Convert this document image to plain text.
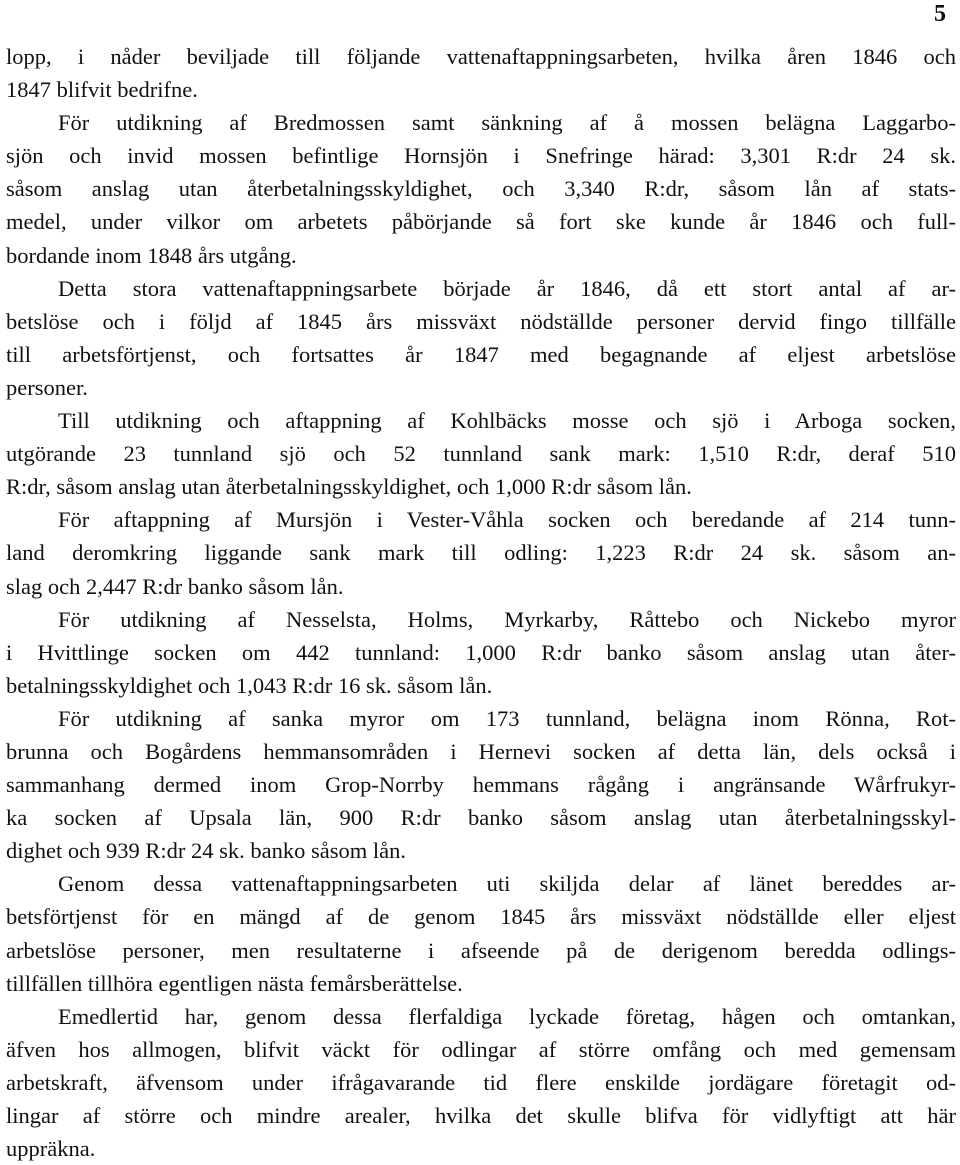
5
lopp, i nåder beviljade till följande vattenaftappningsarbeten, hvilka åren 1846 och
1847 blifvit bedrifne.
För utdikning af Bredmossen samt sänkning af å mossen belägna Laggarbo-
sjön och invid mossen befintlige Hornsjön i Snefringe härad: 3,301 R:dr 24 sk.
såsom anslag utan återbetalningsskyldighet, och 3,340 R:dr, såsom lån af stats-
medel, under vilkor om arbetets påbörjande så fort ske kunde år 1846 och full-
bordande inom 1848 års utgång.
Detta stora vattenaftappningsarbete började år 1846, då ett stort antal af ar-
betslöse och i följd af 1845 års missväxt nödställde personer dervid fingo tillfälle
till arbetsförtjenst, och fortsattes år 1847 med begagnande af eljest arbetslöse
personer.
Till utdikning och aftappning af Kohlbäcks mosse och sjö i Arboga socken,
utgörande 23 tunnland sjö och 52 tunnland sank mark: 1,510 R:dr, deraf 510
R:dr, såsom anslag utan återbetalningsskyldighet, och 1,000 R:dr såsom lån.
För aftappning af Mursjön i Vester-Våhla socken och beredande af 214 tunn-
land deromkring liggande sank mark till odling: 1,223 R:dr 24 sk. såsom an-
slag och 2,447 R:dr banko såsom lån.
För utdikning af Nesselsta, Holms, Myrkarby, Råttebo och Nickebo myror
i Hvittlinge socken om 442 tunnland: 1,000 R:dr banko såsom anslag utan åter-
betalningsskyldighet och 1,043 R:dr 16 sk. såsom lån.
För utdikning af sanka myror om 173 tunnland, belägna inom Rönna, Rot-
brunna och Bogårdens hemmansområden i Hernevi socken af detta län, dels också i
sammanhang dermed inom Grop-Norrby hemmans rågång i angränsande Wårfrukyr-
ka socken af Upsala län, 900 R:dr banko såsom anslag utan återbetalningsskyl-
dighet och 939 R:dr 24 sk. banko såsom lån.
Genom dessa vattenaftappningsarbeten uti skiljda delar af länet bereddes ar-
betsförtjenst för en mängd af de genom 1845 års missväxt nödställde eller eljest
arbetslöse personer, men resultaterne i afseende på de derigenom beredda odlings-
tillfällen tillhöra egentligen nästa femårsberättelse.
Emedlertid har, genom dessa flerfaldiga lyckade företag, hågen och omtankan,
äfven hos allmogen, blifvit väckt för odlingar af större omfång och med gemensam
arbetskraft, äfvensom under ifrågavarande tid flere enskilde jordägare företagit od-
lingar af större och mindre arealer, hvilka det skulle blifva för vidlyftigt att här
uppräkna.
